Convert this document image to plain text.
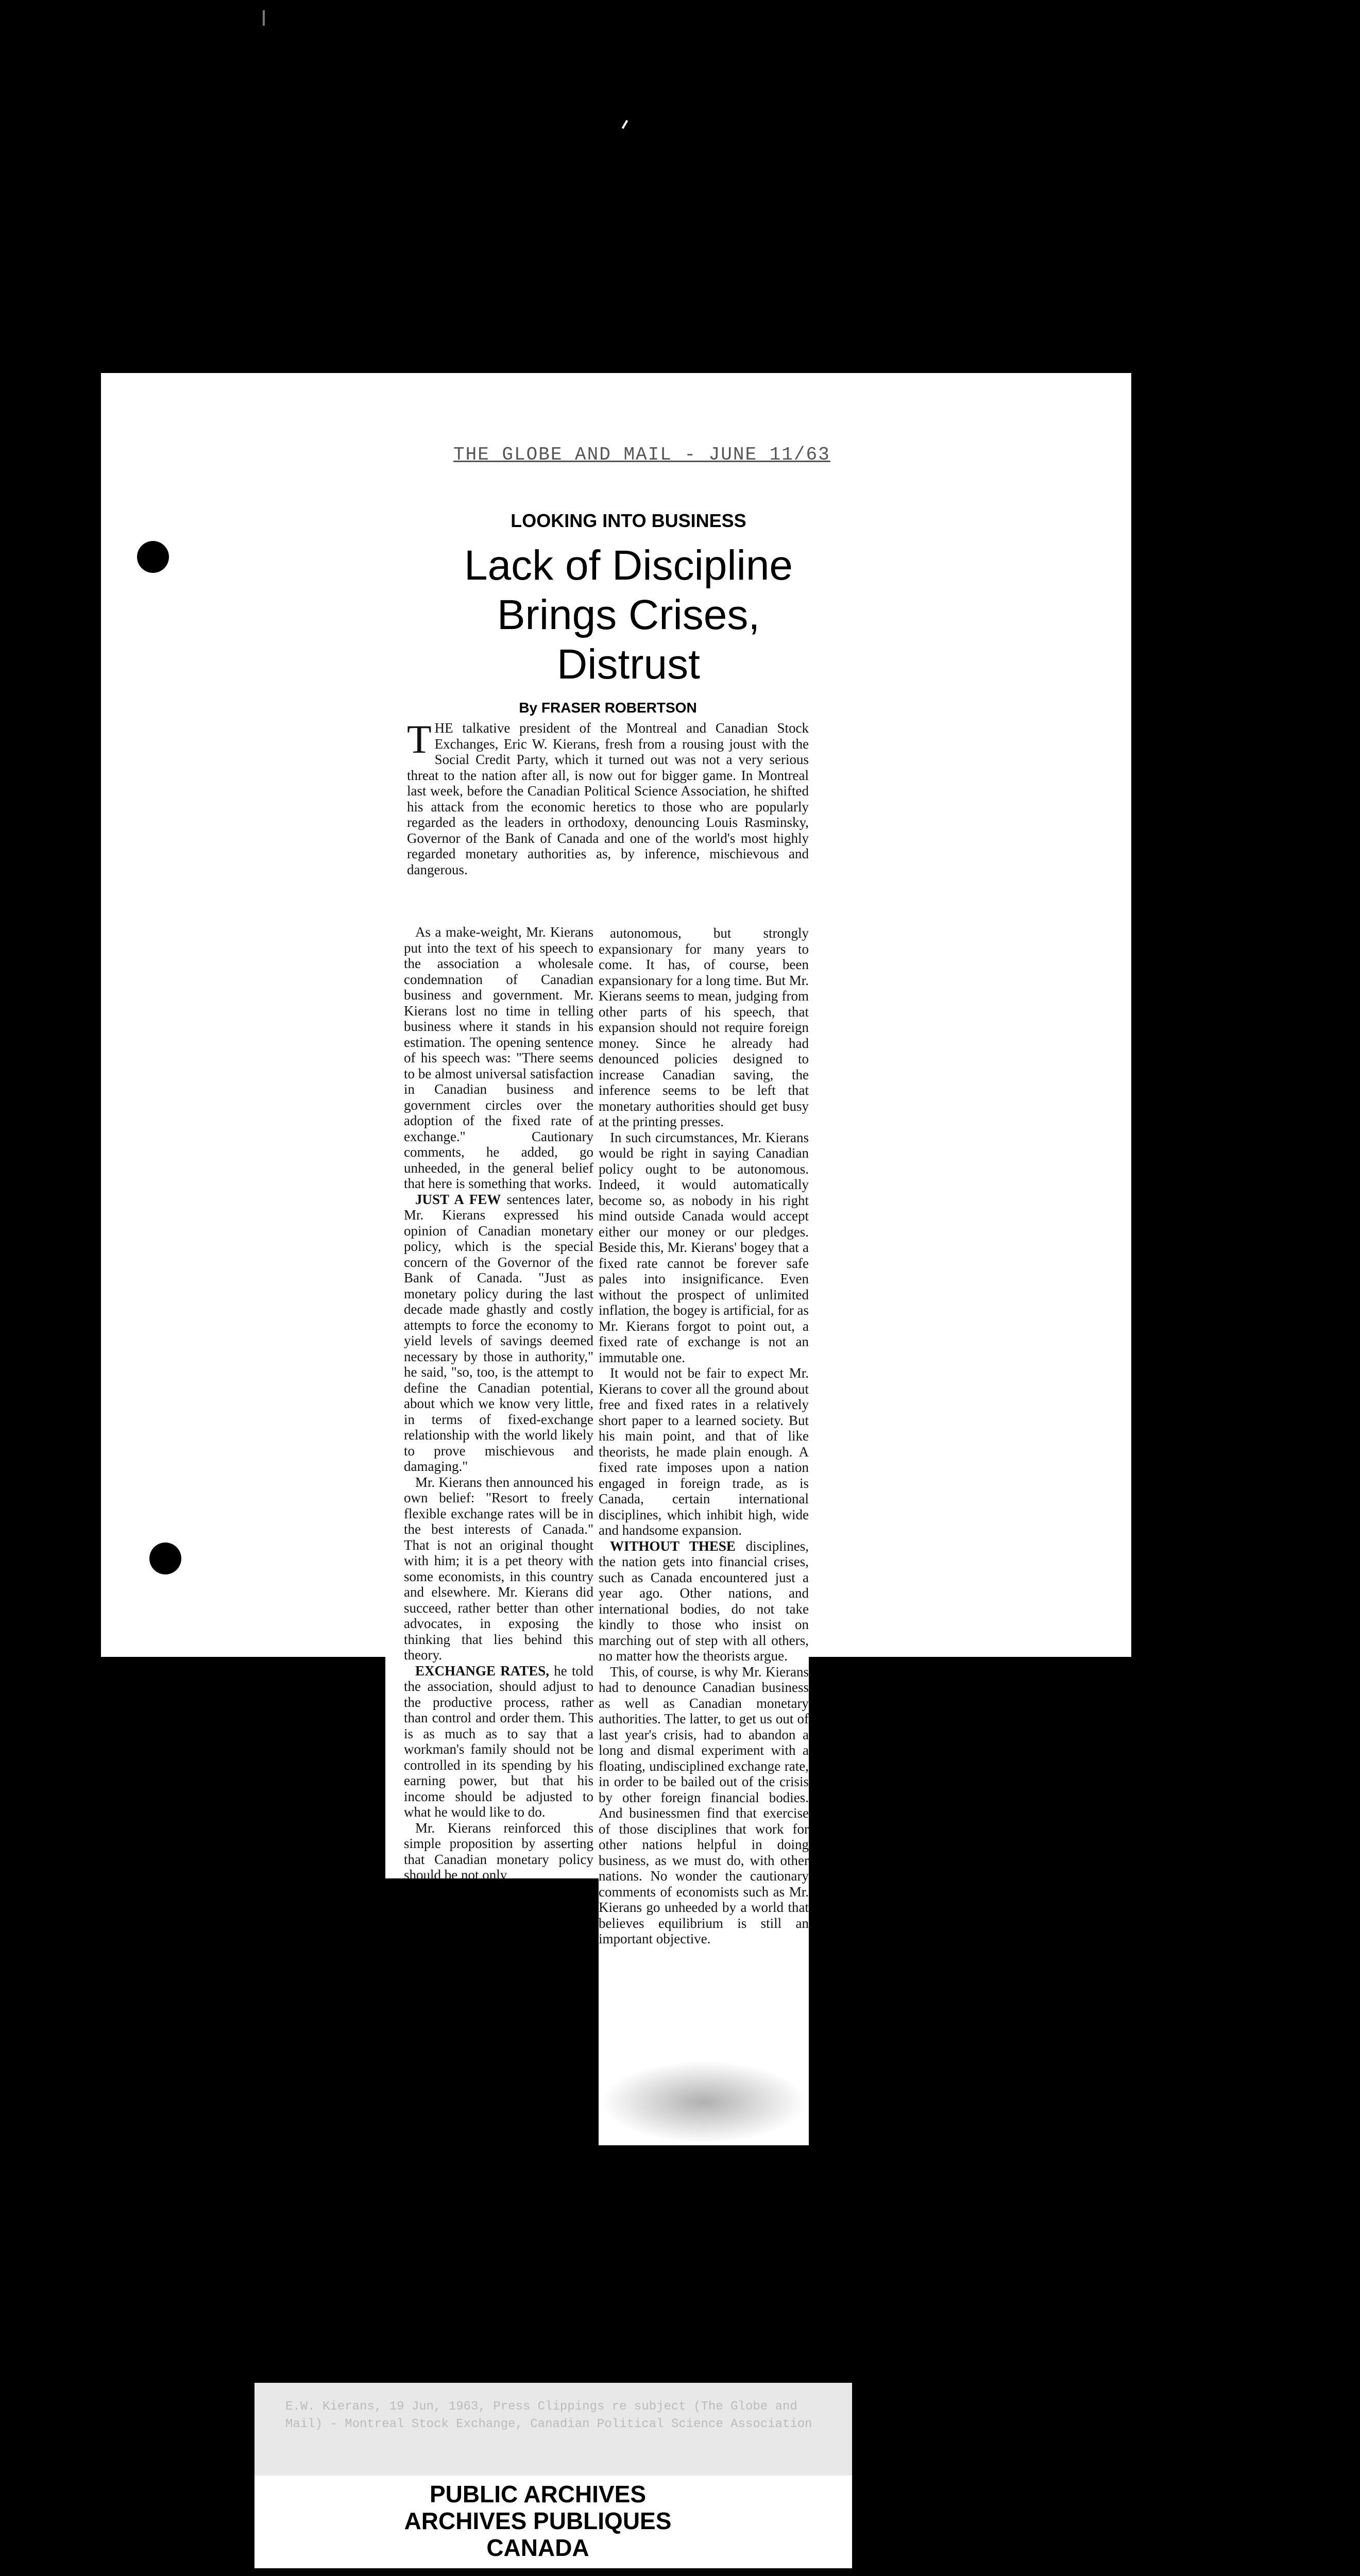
THE GLOBE AND MAIL - JUNE 11/63
LOOKING INTO BUSINESS
Lack of Discipline
Brings Crises,
Distrust
By FRASER ROBERTSON
THE talkative president of the Montreal and Canadian Stock Exchanges, Eric W. Kierans, fresh from a rousing joust with the Social Credit Party, which it turned out was not a very serious threat to the nation after all, is now out for bigger game. In Montreal last week, before the Canadian Political Science Association, he shifted his attack from the economic heretics to those who are popularly regarded as the leaders in orthodoxy, denouncing Louis Rasminsky, Governor of the Bank of Canada and one of the world's most highly regarded monetary authorities as, by inference, mischievous and dangerous.

As a make-weight, Mr. Kierans put into the text of his speech to the association a wholesale condemnation of Canadian business and government. Mr. Kierans lost no time in telling business where it stands in his estimation. The opening sentence of his speech was: "There seems to be almost universal satisfaction in Canadian business and government circles over the adoption of the fixed rate of exchange." Cautionary comments, he added, go unheeded, in the general belief that here is something that works.

JUST A FEW sentences later, Mr. Kierans expressed his opinion of Canadian monetary policy, which is the special concern of the Governor of the Bank of Canada. "Just as monetary policy during the last decade made ghastly and costly attempts to force the economy to yield levels of savings deemed necessary by those in authority," he said, "so, too, is the attempt to define the Canadian potential, about which we know very little, in terms of fixed-exchange relationship with the world likely to prove mischievous and damaging."

Mr. Kierans then announced his own belief: "Resort to freely flexible exchange rates will be in the best interests of Canada." That is not an original thought with him; it is a pet theory with some economists, in this country and elsewhere. Mr. Kierans did succeed, rather better than other advocates, in exposing the thinking that lies behind this theory.

EXCHANGE RATES, he told the association, should adjust to the productive process, rather than control and order them. This is as much as to say that a workman's family should not be controlled in its spending by his earning power, but that his income should be adjusted to what he would like to do.

Mr. Kierans reinforced this simple proposition by asserting that Canadian monetary policy should be not only

autonomous, but strongly expansionary for many years to come. It has, of course, been expansionary for a long time. But Mr. Kierans seems to mean, judging from other parts of his speech, that expansion should not require foreign money. Since he already had denounced policies designed to increase Canadian saving, the inference seems to be left that monetary authorities should get busy at the printing presses.

In such circumstances, Mr. Kierans would be right in saying Canadian policy ought to be autonomous. Indeed, it would automatically become so, as nobody in his right mind outside Canada would accept either our money or our pledges. Beside this, Mr. Kierans' bogey that a fixed rate cannot be forever safe pales into insignificance. Even without the prospect of unlimited inflation, the bogey is artificial, for as Mr. Kierans forgot to point out, a fixed rate of exchange is not an immutable one.

It would not be fair to expect Mr. Kierans to cover all the ground about free and fixed rates in a relatively short paper to a learned society. But his main point, and that of like theorists, he made plain enough. A fixed rate imposes upon a nation engaged in foreign trade, as is Canada, certain international disciplines, which inhibit high, wide and handsome expansion.

WITHOUT THESE disciplines, the nation gets into financial crises, such as Canada encountered just a year ago. Other nations, and international bodies, do not take kindly to those who insist on marching out of step with all others, no matter how the theorists argue.

This, of course, is why Mr. Kierans had to denounce Canadian business as well as Canadian monetary authorities. The latter, to get us out of last year's crisis, had to abandon a long and dismal experiment with a floating, undisciplined exchange rate, in order to be bailed out of the crisis by other foreign financial bodies. And businessmen find that exercise of those disciplines that work for other nations helpful in doing business, as we must do, with other nations. No wonder the cautionary comments of economists such as Mr. Kierans go unheeded by a world that believes equilibrium is still an important objective.

E.W. Kierans, 19 Jun, 1963, Press Clippings re subject (The Globe and Mail) - Montreal Stock Exchange, Canadian Political Science Association
PUBLIC ARCHIVES
ARCHIVES PUBLIQUES
CANADA
